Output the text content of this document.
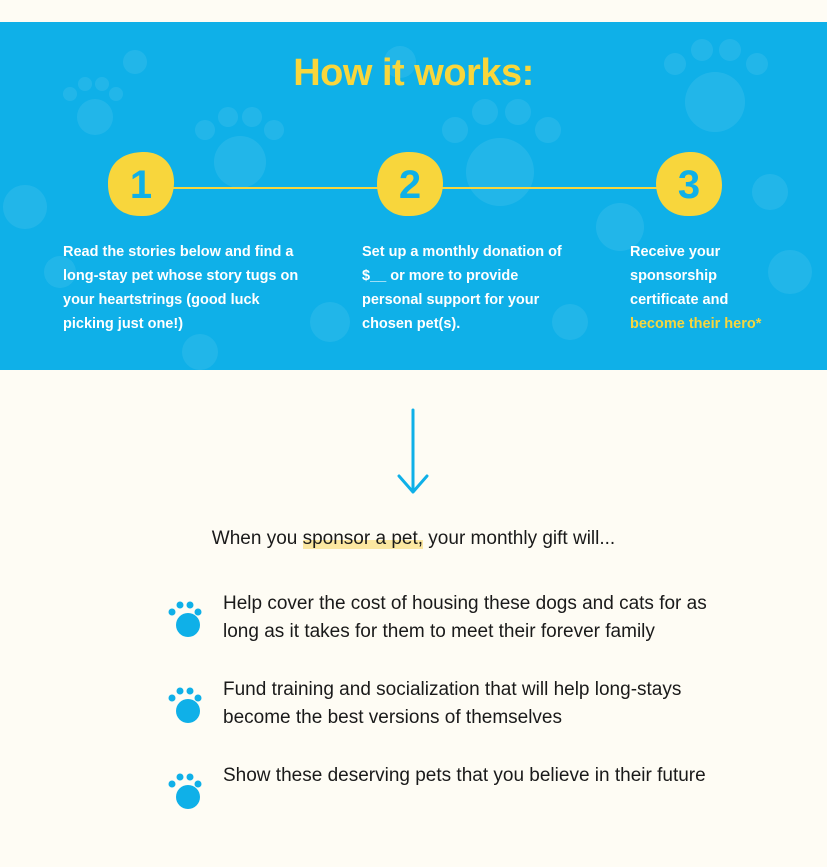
How it works:
1	2	3
Read the stories below and find a long-stay pet whose story tugs on your heartstrings (good luck picking just one!)
Set up a monthly donation of $__ or more to provide personal support for your chosen pet(s).
Receive your sponsorship certificate and become their hero*
When you sponsor a pet, your monthly gift will...
Help cover the cost of housing these dogs and cats for as long as it takes for them to meet their forever family
Fund training and socialization that will help long-stays become the best versions of themselves
Show these deserving pets that you believe in their future
